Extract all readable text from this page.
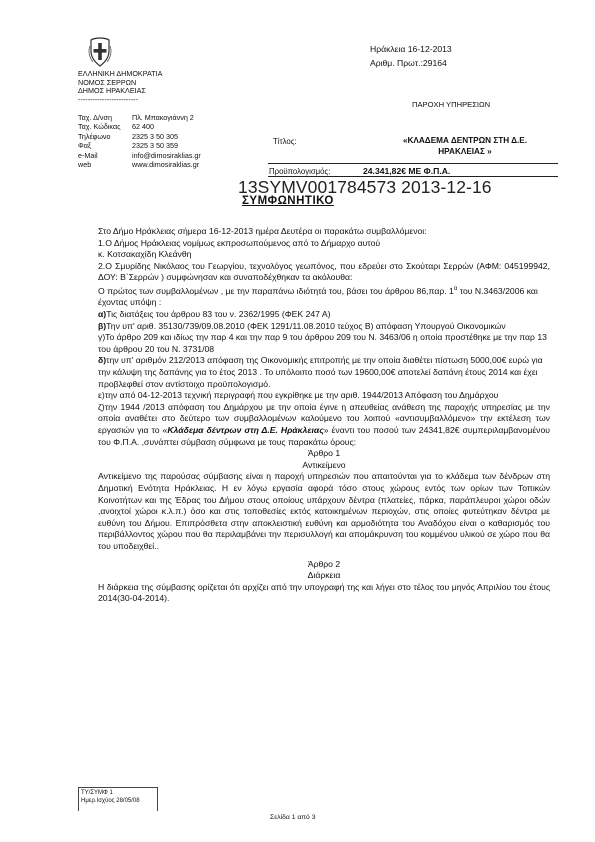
ΕΛΛΗΝΙΚΗ ΔΗΜΟΚΡΑΤΙΑ
ΝΟΜΟΣ ΣΕΡΡΩΝ
ΔΗΜΟΣ ΗΡΑΚΛΕΙΑΣ
-------------------------
Ταχ. Δ/νση	Πλ. Μπακογιάννη 2
Ταχ. Κώδικας	62 400
Τηλέφωνο	2325 3 50 305
Φαξ	2325 3 50 359
e-Mail	info@dimosiraklias.gr
web	www.dimosiraklias.gr
Ηράκλεια 16-12-2013
Αριθμ. Πρωτ.:29164
ΠΑΡΟΧΗ ΥΠΗΡΕΣΙΩΝ
Τίτλος:	«ΚΛΑΔΕΜΑ ΔΕΝΤΡΩΝ ΣΤΗ Δ.Ε.
ΗΡΑΚΛΕΙΑΣ »
Προϋπολογισμός:	24.341,82€ ΜΕ Φ.Π.Α.
13SYMV001784573 2013-12-16
ΣΥΜΦΩΝΗΤΙΚΟ

Στο Δήμο Ηράκλειας σήμερα 16-12-2013 ημέρα Δευτέρα οι παρακάτω συμβαλλόμενοι:

1.Ο Δήμος Ηράκλειας νομίμως εκπροσωπούμενος από το Δήμαρχο αυτού

κ. Κοτσακαχίδη Κλεάνθη

2.Ο Σμυρίδης Νικόλαος του Γεωργίου, τεχνολόγος γεωπόνος, που εδρεύει στο Σκούταρι Σερρών (ΑΦΜ: 045199942, ΔΟΥ: Β΄Σερρών ) συμφώνησαν και συναποδέχθηκαν τα ακόλουθα:

Ο πρώτος των συμβαλλομένων , με την παραπάνω ιδιότητά του, βάσει του άρθρου 86,παρ. $1^\alpha$ του Ν.3463/2006 και έχοντας υπόψη :

α)Τις διατάξεις του άρθρου 83 του ν. 2362/1995 (ΦΕΚ 247 Α)

β)Την υπ' αριθ. 35130/739/09.08.2010 (ΦΕΚ 1291/11.08.2010 τεύχος Β) απόφαση Υπουργού Οικονομικών

γ)Το άρθρο 209 και ιδίως την παρ 4 και την παρ 9 του άρθρου 209 του Ν. 3463/06 η οποία προστέθηκε με την παρ 13 του άρθρου 20 του Ν. 3731/08

δ)την υπ' αριθμόν 212/2013 απόφαση της Οικονομικής επιτροπής με την οποία διαθέτει πίστωση 5000,00€ ευρώ για την κάλυψη της δαπάνης για το έτος 2013 . Το υπόλοιπο ποσό των 19600,00€ αποτελεί δαπάνη έτους 2014 και έχει προβλεφθεί στον αντίστοιχο προϋπολογισμό.

ε)την από 04-12-2013 τεχνική περιγραφή που εγκρίθηκε με την αριθ. 1944/2013 Απόφαση του Δημάρχου

ζ)την 1944 /2013 απόφαση του Δημάρχου με την οποία έγινε η απευθείας ανάθεση της παροχής υπηρεσίας με την οποία αναθέτει στο δεύτερο των συμβαλλομένων καλούμενο του λοιπού «αντισυμβαλλόμενο» την εκτέλεση των εργασιών για το «Κλάδεμα δέντρων στη Δ.Ε. Ηράκλειας» έναντι του ποσού των 24341,82€ συμπεριλαμβανομένου του Φ.Π.Α. ,συνάπτει σύμβαση σύμφωνα με τους παρακάτω όρους:

Άρθρο 1

Αντικείμενο

Αντικείμενο της παρούσας σύμβασης είναι η παροχή υπηρεσιών που απαιτούνται για το κλάδεμα των δένδρων στη Δημοτική Ενότητα Ηράκλειας. Η εν λόγω εργασία αφορά τόσο στους χώρους εντός των ορίων των Τοπικών Κοινοτήτων και της Έδρας του Δήμου στους οποίους υπάρχουν δέντρα (πλατείες, πάρκα, παράπλευροι χώροι οδών ,ανοιχτοί χώροι κ.λ.π.) όσο και στις τοποθεσίες εκτός κατοικημένων περιοχών, στις οποίες φυτεύτηκαν δέντρα με ευθύνη του Δήμου. Επιπρόσθετα στην αποκλειστική ευθύνη και αρμοδιότητα του Αναδόχου είναι ο καθαρισμός του περιβάλλοντος χώρου που θα περιλαμβάνει την περισυλλογή και απομάκρυνση του κομμένου υλικού σε χώρο που θα του υποδειχθεί..

Άρθρο 2

Διάρκεια

Η διάρκεια της σύμβασης ορίζεται ότι αρχίζει από την υπογραφή της και λήγει στο τέλος του μηνός Απριλίου του έτους 2014(30-04-2014).

ΤΥ/ΣΥΜΦ 1
Ημερ.Ισχύος 28/05/08
Σελίδα 1 από 3
